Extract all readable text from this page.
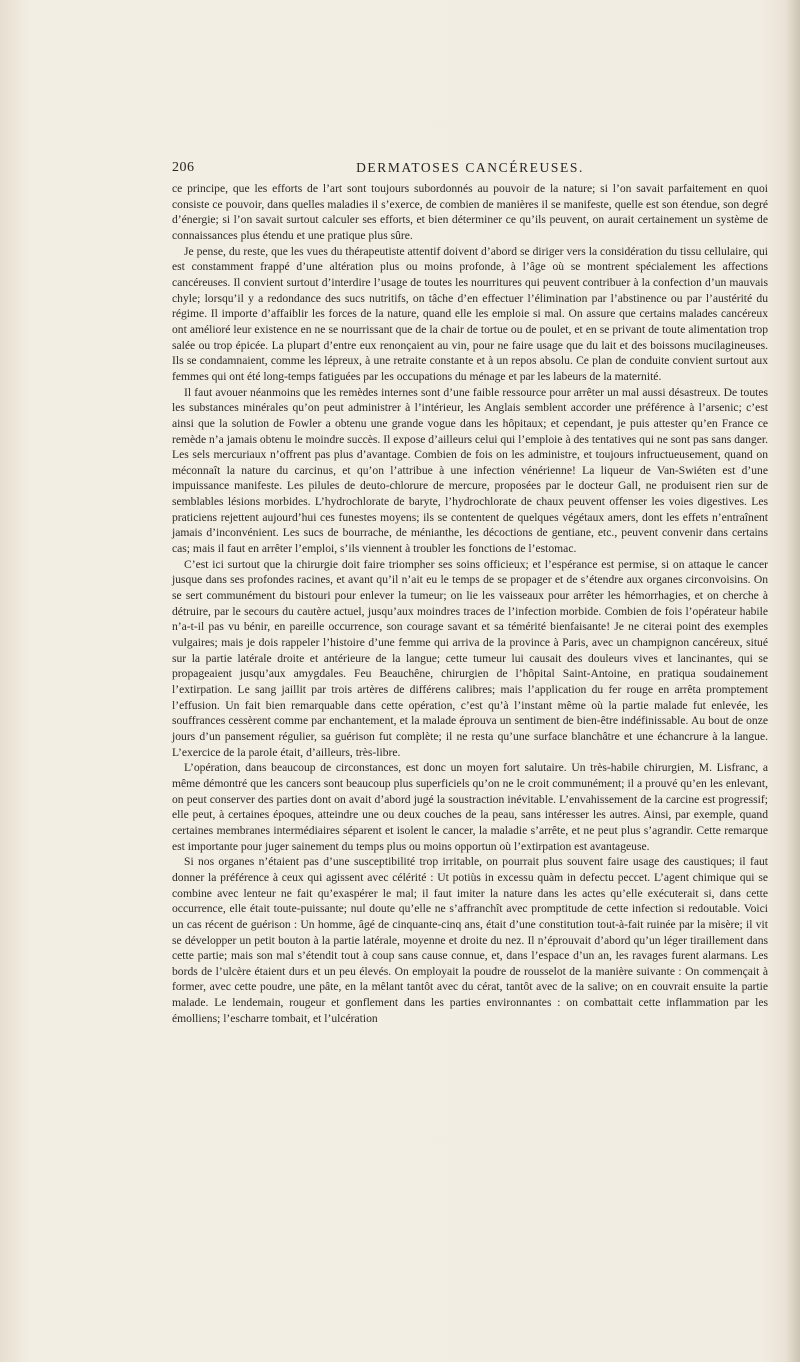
206	DERMATOSES CANCÉREUSES.

ce principe, que les efforts de l’art sont toujours subordonnés au pouvoir de la nature; si l’on savait parfaitement en quoi consiste ce pouvoir, dans quelles maladies il s’exerce, de combien de manières il se manifeste, quelle est son étendue, son degré d’énergie; si l’on savait surtout calculer ses efforts, et bien déterminer ce qu’ils peuvent, on aurait certainement un système de connaissances plus étendu et une pratique plus sûre.

Je pense, du reste, que les vues du thérapeutiste attentif doivent d’abord se diriger vers la considération du tissu cellulaire, qui est constamment frappé d’une altération plus ou moins profonde, à l’âge où se montrent spécialement les affections cancéreuses. Il convient surtout d’interdire l’usage de toutes les nourritures qui peuvent contribuer à la confection d’un mauvais chyle; lorsqu’il y a redondance des sucs nutritifs, on tâche d’en effectuer l’élimination par l’abstinence ou par l’austérité du régime. Il importe d’affaiblir les forces de la nature, quand elle les emploie si mal. On assure que certains malades cancéreux ont amélioré leur existence en ne se nourrissant que de la chair de tortue ou de poulet, et en se privant de toute alimentation trop salée ou trop épicée. La plupart d’entre eux renonçaient au vin, pour ne faire usage que du lait et des boissons mucilagineuses. Ils se condamnaient, comme les lépreux, à une retraite constante et à un repos absolu. Ce plan de conduite convient surtout aux femmes qui ont été long-temps fatiguées par les occupations du ménage et par les labeurs de la maternité.

Il faut avouer néanmoins que les remèdes internes sont d’une faible ressource pour arrêter un mal aussi désastreux. De toutes les substances minérales qu’on peut administrer à l’intérieur, les Anglais semblent accorder une préférence à l’arsenic; c’est ainsi que la solution de Fowler a obtenu une grande vogue dans les hôpitaux; et cependant, je puis attester qu’en France ce remède n’a jamais obtenu le moindre succès. Il expose d’ailleurs celui qui l’emploie à des tentatives qui ne sont pas sans danger. Les sels mercuriaux n’offrent pas plus d’avantage. Combien de fois on les administre, et toujours infructueusement, quand on méconnaît la nature du carcinus, et qu’on l’attribue à une infection vénérienne! La liqueur de Van-Swiéten est d’une impuissance manifeste. Les pilules de deuto-chlorure de mercure, proposées par le docteur Gall, ne produisent rien sur de semblables lésions morbides. L’hydrochlorate de baryte, l’hydrochlorate de chaux peuvent offenser les voies digestives. Les praticiens rejettent aujourd’hui ces funestes moyens; ils se contentent de quelques végétaux amers, dont les effets n’entraînent jamais d’inconvénient. Les sucs de bourrache, de ménianthe, les décoctions de gentiane, etc., peuvent convenir dans certains cas; mais il faut en arrêter l’emploi, s’ils viennent à troubler les fonctions de l’estomac.

C’est ici surtout que la chirurgie doit faire triompher ses soins officieux; et l’espérance est permise, si on attaque le cancer jusque dans ses profondes racines, et avant qu’il n’ait eu le temps de se propager et de s’étendre aux organes circonvoisins. On se sert communément du bistouri pour enlever la tumeur; on lie les vaisseaux pour arrêter les hémorrhagies, et on cherche à détruire, par le secours du cautère actuel, jusqu’aux moindres traces de l’infection morbide. Combien de fois l’opérateur habile n’a-t-il pas vu bénir, en pareille occurrence, son courage savant et sa témérité bienfaisante! Je ne citerai point des exemples vulgaires; mais je dois rappeler l’histoire d’une femme qui arriva de la province à Paris, avec un champignon cancéreux, situé sur la partie latérale droite et antérieure de la langue; cette tumeur lui causait des douleurs vives et lancinantes, qui se propageaient jusqu’aux amygdales. Feu Beauchêne, chirurgien de l’hôpital Saint-Antoine, en pratiqua soudainement l’extirpation. Le sang jaillit par trois artères de différens calibres; mais l’application du fer rouge en arrêta promptement l’effusion. Un fait bien remarquable dans cette opération, c’est qu’à l’instant même où la partie malade fut enlevée, les souffrances cessèrent comme par enchantement, et la malade éprouva un sentiment de bien-être indéfinissable. Au bout de onze jours d’un pansement régulier, sa guérison fut complète; il ne resta qu’une surface blanchâtre et une échancrure à la langue. L’exercice de la parole était, d’ailleurs, très-libre.

L’opération, dans beaucoup de circonstances, est donc un moyen fort salutaire. Un très-habile chirurgien, M. Lisfranc, a même démontré que les cancers sont beaucoup plus superficiels qu’on ne le croit communément; il a prouvé qu’en les enlevant, on peut conserver des parties dont on avait d’abord jugé la soustraction inévitable. L’envahissement de la carcine est progressif; elle peut, à certaines époques, atteindre une ou deux couches de la peau, sans intéresser les autres. Ainsi, par exemple, quand certaines membranes intermédiaires séparent et isolent le cancer, la maladie s’arrête, et ne peut plus s’agrandir. Cette remarque est importante pour juger sainement du temps plus ou moins opportun où l’extirpation est avantageuse.

Si nos organes n’étaient pas d’une susceptibilité trop irritable, on pourrait plus souvent faire usage des caustiques; il faut donner la préférence à ceux qui agissent avec célérité : Ut potiùs in excessu quàm in defectu peccet. L’agent chimique qui se combine avec lenteur ne fait qu’exaspérer le mal; il faut imiter la nature dans les actes qu’elle exécuterait si, dans cette occurrence, elle était toute-puissante; nul doute qu’elle ne s’affranchît avec promptitude de cette infection si redoutable. Voici un cas récent de guérison : Un homme, âgé de cinquante-cinq ans, était d’une constitution tout-à-fait ruinée par la misère; il vit se développer un petit bouton à la partie latérale, moyenne et droite du nez. Il n’éprouvait d’abord qu’un léger tiraillement dans cette partie; mais son mal s’étendit tout à coup sans cause connue, et, dans l’espace d’un an, les ravages furent alarmans. Les bords de l’ulcère étaient durs et un peu élevés. On employait la poudre de rousselot de la manière suivante : On commençait à former, avec cette poudre, une pâte, en la mêlant tantôt avec du cérat, tantôt avec de la salive; on en couvrait ensuite la partie malade. Le lendemain, rougeur et gonflement dans les parties environnantes : on combattait cette inflammation par les émolliens; l’escharre tombait, et l’ulcération
